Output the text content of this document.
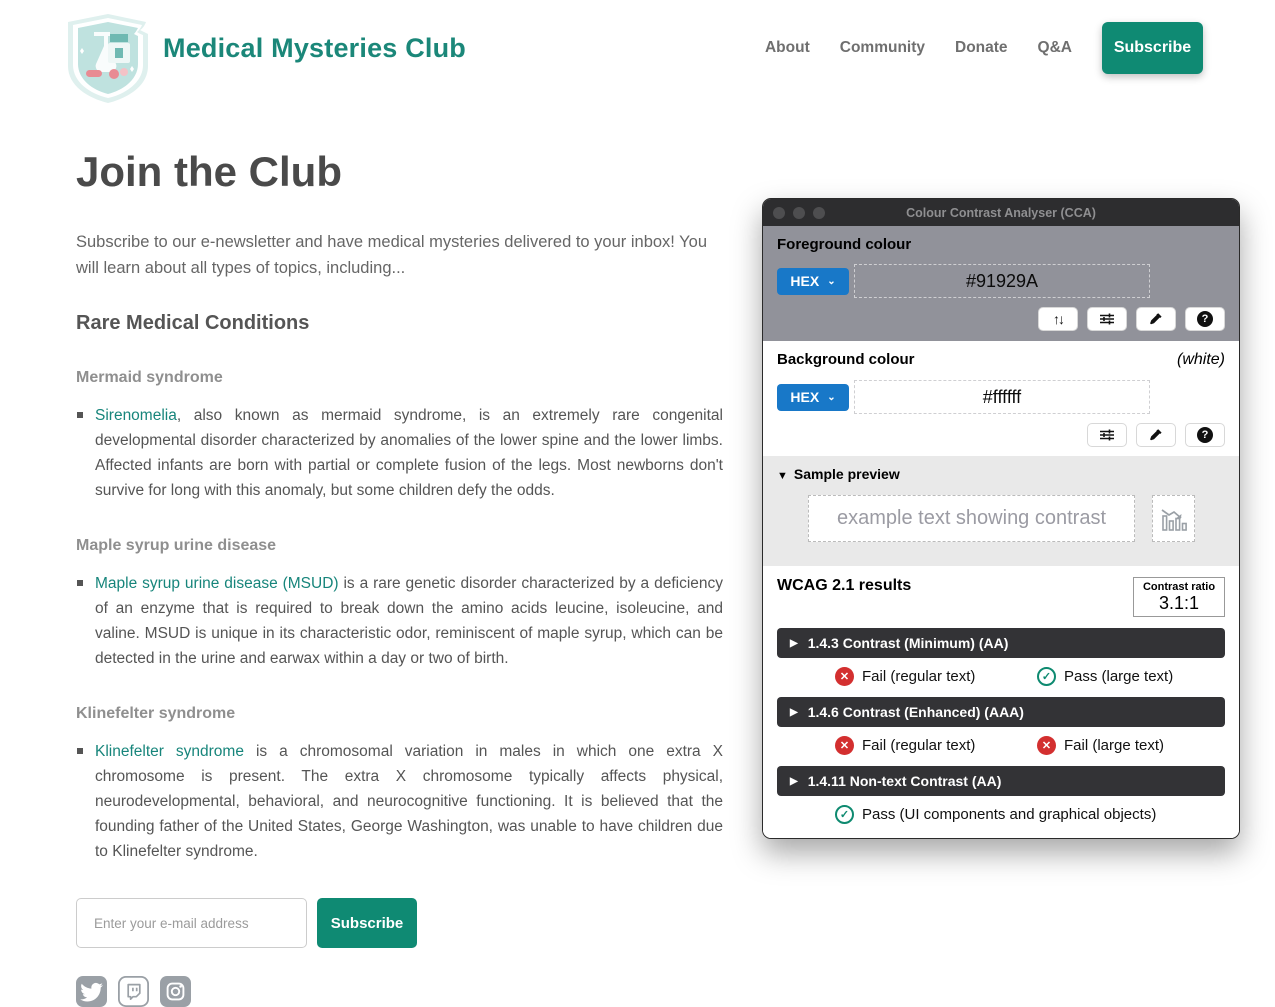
Medical Mysteries Club	About Community Donate Q&A	Subscribe
Join the Club

Subscribe to our e-newsletter and have medical mysteries delivered to your inbox! You will learn about all types of topics, including...

Rare Medical Conditions
Mermaid syndrome
Sirenomelia, also known as mermaid syndrome, is an extremely rare congenital developmental disorder characterized by anomalies of the lower spine and the lower limbs. Affected infants are born with partial or complete fusion of the legs. Most newborns don't survive for long with this anomaly, but some children defy the odds.
Maple syrup urine disease
Maple syrup urine disease (MSUD) is a rare genetic disorder characterized by a deficiency of an enzyme that is required to break down the amino acids leucine, isoleucine, and valine. MSUD is unique in its characteristic odor, reminiscent of maple syrup, which can be detected in the urine and earwax within a day or two of birth.
Klinefelter syndrome
Klinefelter syndrome is a chromosomal variation in males in which one extra X chromosome is present. The extra X chromosome typically affects physical, neurodevelopmental, behavioral, and neurocognitive functioning. It is believed that the founding father of the United States, George Washington, was unable to have children due to Klinefelter syndrome.
Enter your e-mail address
Subscribe
Colour Contrast Analyser (CCA)
Foreground colour
HEX ⌄
#91929A
↑↓	?
Background colour	(white)
HEX ⌄
#ffffff
?
▼ Sample preview
example text showing contrast
WCAG 2.1 results	Contrast ratio
3.1:1
▶ 1.4.3 Contrast (Minimum) (AA)
✕
Fail (regular text) ✓	Pass (large text)
▶ 1.4.6 Contrast (Enhanced) (AAA)
✕
Fail (regular text) ✕	Fail (large text)
▶ 1.4.11 Non-text Contrast (AA)
✓
Pass (UI components and graphical objects)
